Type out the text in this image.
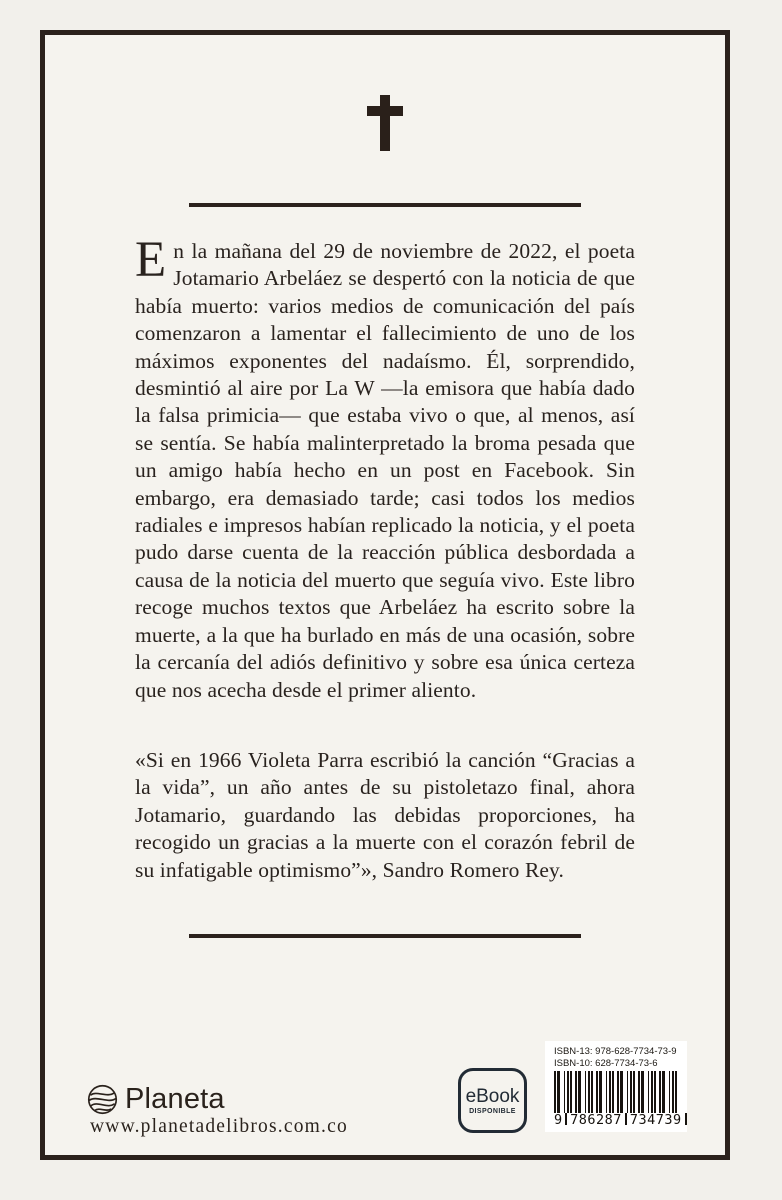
En la mañana del 29 de noviembre de 2022, el poeta Jotamario Arbeláez se despertó con la noticia de que había muerto: varios medios de comunicación del país comenzaron a lamentar el fallecimiento de uno de los máximos exponentes del nadaísmo. Él, sorprendido, desmintió al aire por La W —la emisora que había dado la falsa primicia— que estaba vivo o que, al menos, así se sentía. Se había malinterpretado la broma pesada que un amigo había hecho en un post en Facebook. Sin embargo, era demasiado tarde; casi todos los medios radiales e impresos habían replicado la noticia, y el poeta pudo darse cuenta de la reacción pública desbordada a causa de la noticia del muerto que seguía vivo. Este libro recoge muchos textos que Arbeláez ha escrito sobre la muerte, a la que ha burlado en más de una ocasión, sobre la cercanía del adiós definitivo y sobre esa única certeza que nos acecha desde el primer aliento.
«Si en 1966 Violeta Parra escribió la canción “Gracias a la vida”, un año antes de su pistoletazo final, ahora Jotamario, guardando las debidas proporciones, ha recogido un gracias a la muerte con el corazón febril de su infatigable optimismo”», Sandro Romero Rey.
Planeta
www.planetadelibros.com.co
eBook
DISPONIBLE
ISBN-13: 978-628-7734-73-9
ISBN-10: 628-7734-73-6
9 786287 734739
